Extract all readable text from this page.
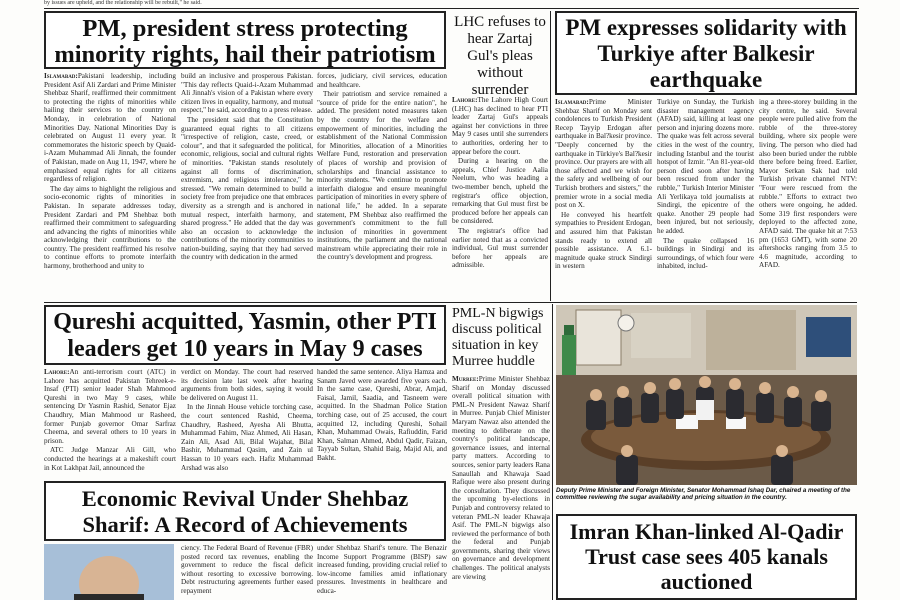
by issues are upheld, and the relationship will be rebuilt," he said.
PM, president stress protecting minority rights, hail their patriotism

Islamabad:Pakistani leadership, including President Asif Ali Zardari and Prime Minister Shehbaz Sharif, reaffirmed their commitment to protecting the rights of minorities while hailing their services to the country on Monday, in celebration of National Minorities Day. National Minorities Day is celebrated on August 11 every year. It commemorates the historic speech by Quaid-i-Azam Muhammad Ali Jinnah, the founder of Pakistan, made on Aug 11, 1947, where he emphasised equal rights for all citizens regardless of religion.

The day aims to highlight the religious and socio-economic rights of minorities in Pakistan. In separate addresses today, President Zardari and PM Shehbaz both reaffirmed their commitment to safeguarding and advancing the rights of minorities while acknowledging their contributions to the country. The president reaffirmed his resolve to continue efforts to promote interfaith harmony, brotherhood and unity to

build an inclusive and prosperous Pakistan. "This day reflects Quaid-i-Azam Muhammad Ali Jinnah's vision of a Pakistan where every citizen lives in equality, harmony, and mutual respect," he said, according to a press release.

The president said that the Constitution guaranteed equal rights to all citizens "irrespective of religion, caste, creed, or colour", and that it safeguarded the political, economic, religious, social and cultural rights of minorities. "Pakistan stands resolutely against all forms of discrimination, extremism, and religious intolerance," he stressed. "We remain determined to build a society free from prejudice one that embraces diversity as a strength and is anchored in mutual respect, interfaith harmony, and shared progress." He added that the day was also an occasion to acknowledge the contributions of the minority communities to nation-building, saying that they had served the country with dedication in the armed

forces, judiciary, civil services, education and healthcare.

Their patriotism and service remained a "source of pride for the entire nation", he added. The president noted measures taken by the country for the welfare and empowerment of minorities, including the establishment of the National Commission for Minorities, allocation of a Minorities Welfare Fund, restoration and preservation of places of worship and provision of scholarships and financial assistance to minority students. "We continue to promote interfaith dialogue and ensure meaningful participation of minorities in every sphere of national life," he added. In a separate statement, PM Shehbaz also reaffirmed the government's commitment to the full inclusion of minorities in government institutions, the parliament and the national mainstream while appreciating their role in the country's development and progress.

LHC refuses to hear Zartaj Gul's pleas without surrender

Lahore:The Lahore High Court (LHC) has declined to hear PTI leader Zartaj Gul's appeals against her convictions in three May 9 cases until she surrenders to authorities, ordering her to appear before the court.

During a hearing on the appeals, Chief Justice Aalia Neelum, who was heading a two-member bench, upheld the registrar's office objection, remarking that Gul must first be produced before her appeals can be considered.

The registrar's office had earlier noted that as a convicted individual, Gul must surrender before her appeals are admissible.

PM expresses solidarity with Turkiye after Balkesir earthquake

Islamabad:Prime Minister Shehbaz Sharif on Monday sent condolences to Turkish President Recep Tayyip Erdogan after earthquake in Bal?kesir province. "Deeply concerned by the earthquake in Türkiye's Bal?kesir province. Our prayers are with all those affected and we wish for the safety and wellbeing of our Turkish brothers and sisters," the premier wrote in a social media post on X.

He conveyed his heartfelt sympathies to President Erdogan, and assured him that Pakistan stands ready to extend all possible assistance. A 6.1-magnitude quake struck Sindirgi in western

Turkiye on Sunday, the Turkish disaster management agency (AFAD) said, killing at least one person and injuring dozens more. The quake was felt across several cities in the west of the country, including Istanbul and the tourist hotspot of Izmir. "An 81-year-old person died soon after having been rescued from under the rubble," Turkish Interior Minister Ali Yerlikaya told journalists at Sindirgi, the epicentre of the quake. Another 29 people had been injured, but not seriously, he added.

The quake collapsed 16 buildings in Sindirgi and its surroundings, of which four were inhabited, includ-

ing a three-storey building in the city centre, he said. Several people were pulled alive from the rubble of the three-storey building, where six people were living. The person who died had also been buried under the rubble there before being freed. Earlier, Mayor Serkan Sak had told Turkish private channel NTV: "Four were rescued from the rubble." Efforts to extract two others were ongoing, he added. Some 319 first responders were deployed to the affected zone, AFAD said. The quake hit at 7:53 pm (1653 GMT), with some 20 aftershocks ranging from 3.5 to 4.6 magnitude, according to AFAD.

Qureshi acquitted, Yasmin, other PTI leaders get 10 years in May 9 cases

Lahore:An anti-terrorism court (ATC) in Lahore has acquitted Pakistan Tehreek-e-Insaf (PTI) senior leader Shah Mahmood Qureshi in two May 9 cases, while sentencing Dr Yasmin Rashid, Senator Ejaz Chaudhry, Mian Mahmood ur Rasheed, former Punjab governor Omar Sarfraz Cheema, and several others to 10 years in prison.

ATC Judge Manzar Ali Gill, who conducted the hearings at a makeshift court in Kot Lakhpat Jail, announced the

verdict on Monday. The court had reserved its decision late last week after hearing arguments from both sides, saying it would be delivered on August 11.

In the Jinnah House vehicle torching case, the court sentenced Rashid, Cheema, Chaudhry, Rasheed, Ayesha Ali Bhutta, Muhammad Fahim, Niaz Ahmed, Ali Hasan, Zain Ali, Asad Ali, Bilal Wajahat, Bilal Bashir, Muhammad Qasim, and Zain ul Hassan to 10 years each. Hafiz Muhammad Arshad was also

handed the same sentence. Aliya Hamza and Sanam Javed were awarded five years each. In the same case, Qureshi, Abrar, Amjad, Faisal, Jamil, Saadia, and Tasneem were acquitted. In the Shadman Police Station torching case, out of 25 accused, the court acquitted 12, including Qureshi, Sohail Khan, Muhammad Owais, Rafiuddin, Farid Khan, Salman Ahmed, Abdul Qadir, Faizan, Tayyab Sultan, Shahid Baig, Majid Ali, and Bakht.

PML-N bigwigs discuss political situation in key Murree huddle

Murree:Prime Minister Shehbaz Sharif on Monday discussed overall political situation with PML-N President Nawaz Sharif in Murree. Punjab Chief Minister Maryam Nawaz also attended the meeting to deliberate on the country's political landscape, governance issues, and internal party matters. According to sources, senior party leaders Rana Sanaullah and Khawaja Saad Rafique were also present during the consultation. They discussed the upcoming by-elections in Punjab and controversy related to veteran PML-N leader Khawaja Asif. The PML-N bigwigs also reviewed the performance of both the federal and Punjab governments, sharing their views on governance and development challenges. The political analysts are viewing

Deputy Prime Minister and Foreign Minister, Senator Mohammad Ishaq Dar, chaired a meeting of the committee reviewing the sugar availability and pricing situation in the country.
Economic Revival Under Shehbaz Sharif: A Record of Achievements

ciency. The Federal Board of Revenue (FBR) posted record tax revenues, enabling the government to reduce the fiscal deficit without resorting to excessive borrowing. Debt restructuring agreements further eased repayment

under Shehbaz Sharif's tenure. The Benazir Income Support Programme (BISP) saw increased funding, providing crucial relief to low-income families amid inflationary pressures. Investments in healthcare and educa-

Imran Khan-linked Al-Qadir Trust case sees 405 kanals auctioned
